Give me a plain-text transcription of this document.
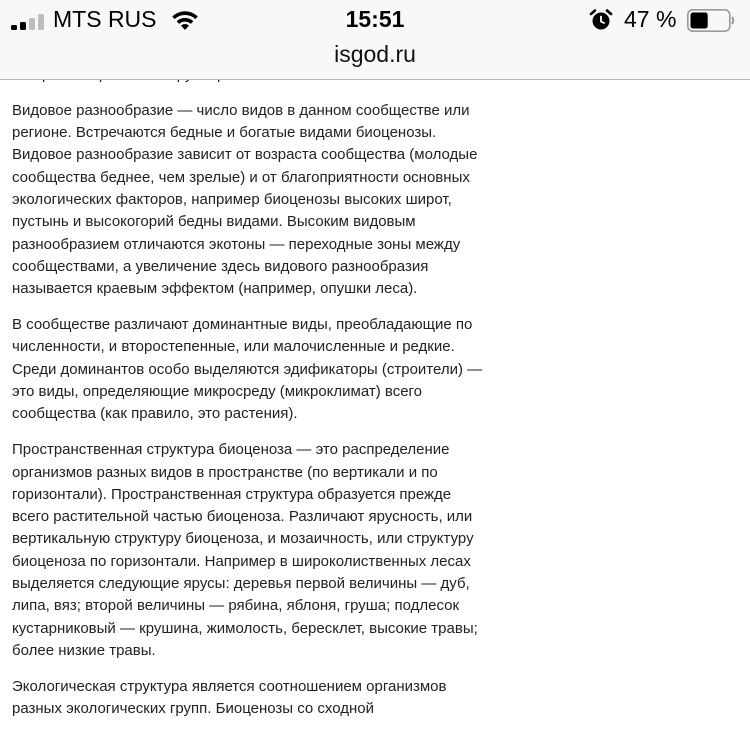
Видовое разнообразие — число видов в данном сообществе или регионе. Встречаются бедные и богатые видами биоценозы. Видовое разнообразие зависит от возраста сообщества (молодые сообщества беднее, чем зрелые) и от благоприятности основных экологических факторов, например биоценозы высоких широт, пустынь и высокогорий бедны видами. Высоким видовым разнообразием отличаются экотоны — переходные зоны между сообществами, а увеличение здесь видового разнообразия называется краевым эффектом (например, опушки леса).

В сообществе различают доминантные виды, преобладающие по численности, и второстепенные, или малочисленные и редкие. Среди доминантов особо выделяются эдификаторы (строители) — это виды, определяющие микросреду (микроклимат) всего сообщества (как правило, это растения).

Пространственная структура биоценоза — это распределение организмов разных видов в пространстве (по вертикали и по горизонтали). Пространственная структура образуется прежде всего растительной частью биоценоза. Различают ярусность, или вертикальную структуру биоценоза, и мозаичность, или структуру биоценоза по горизонтали. Например в широколиственных лесах выделяется следующие ярусы: деревья первой величины — дуб, липа, вяз; второй величины — рябина, яблоня, груша; подлесок кустарниковый — крушина, жимолость, бересклет, высокие травы; более низкие травы.

Экологическая структура является соотношением организмов разных экологических групп. Биоценозы со сходной

MTS RUS	15:51	47 %
isgod.ru
